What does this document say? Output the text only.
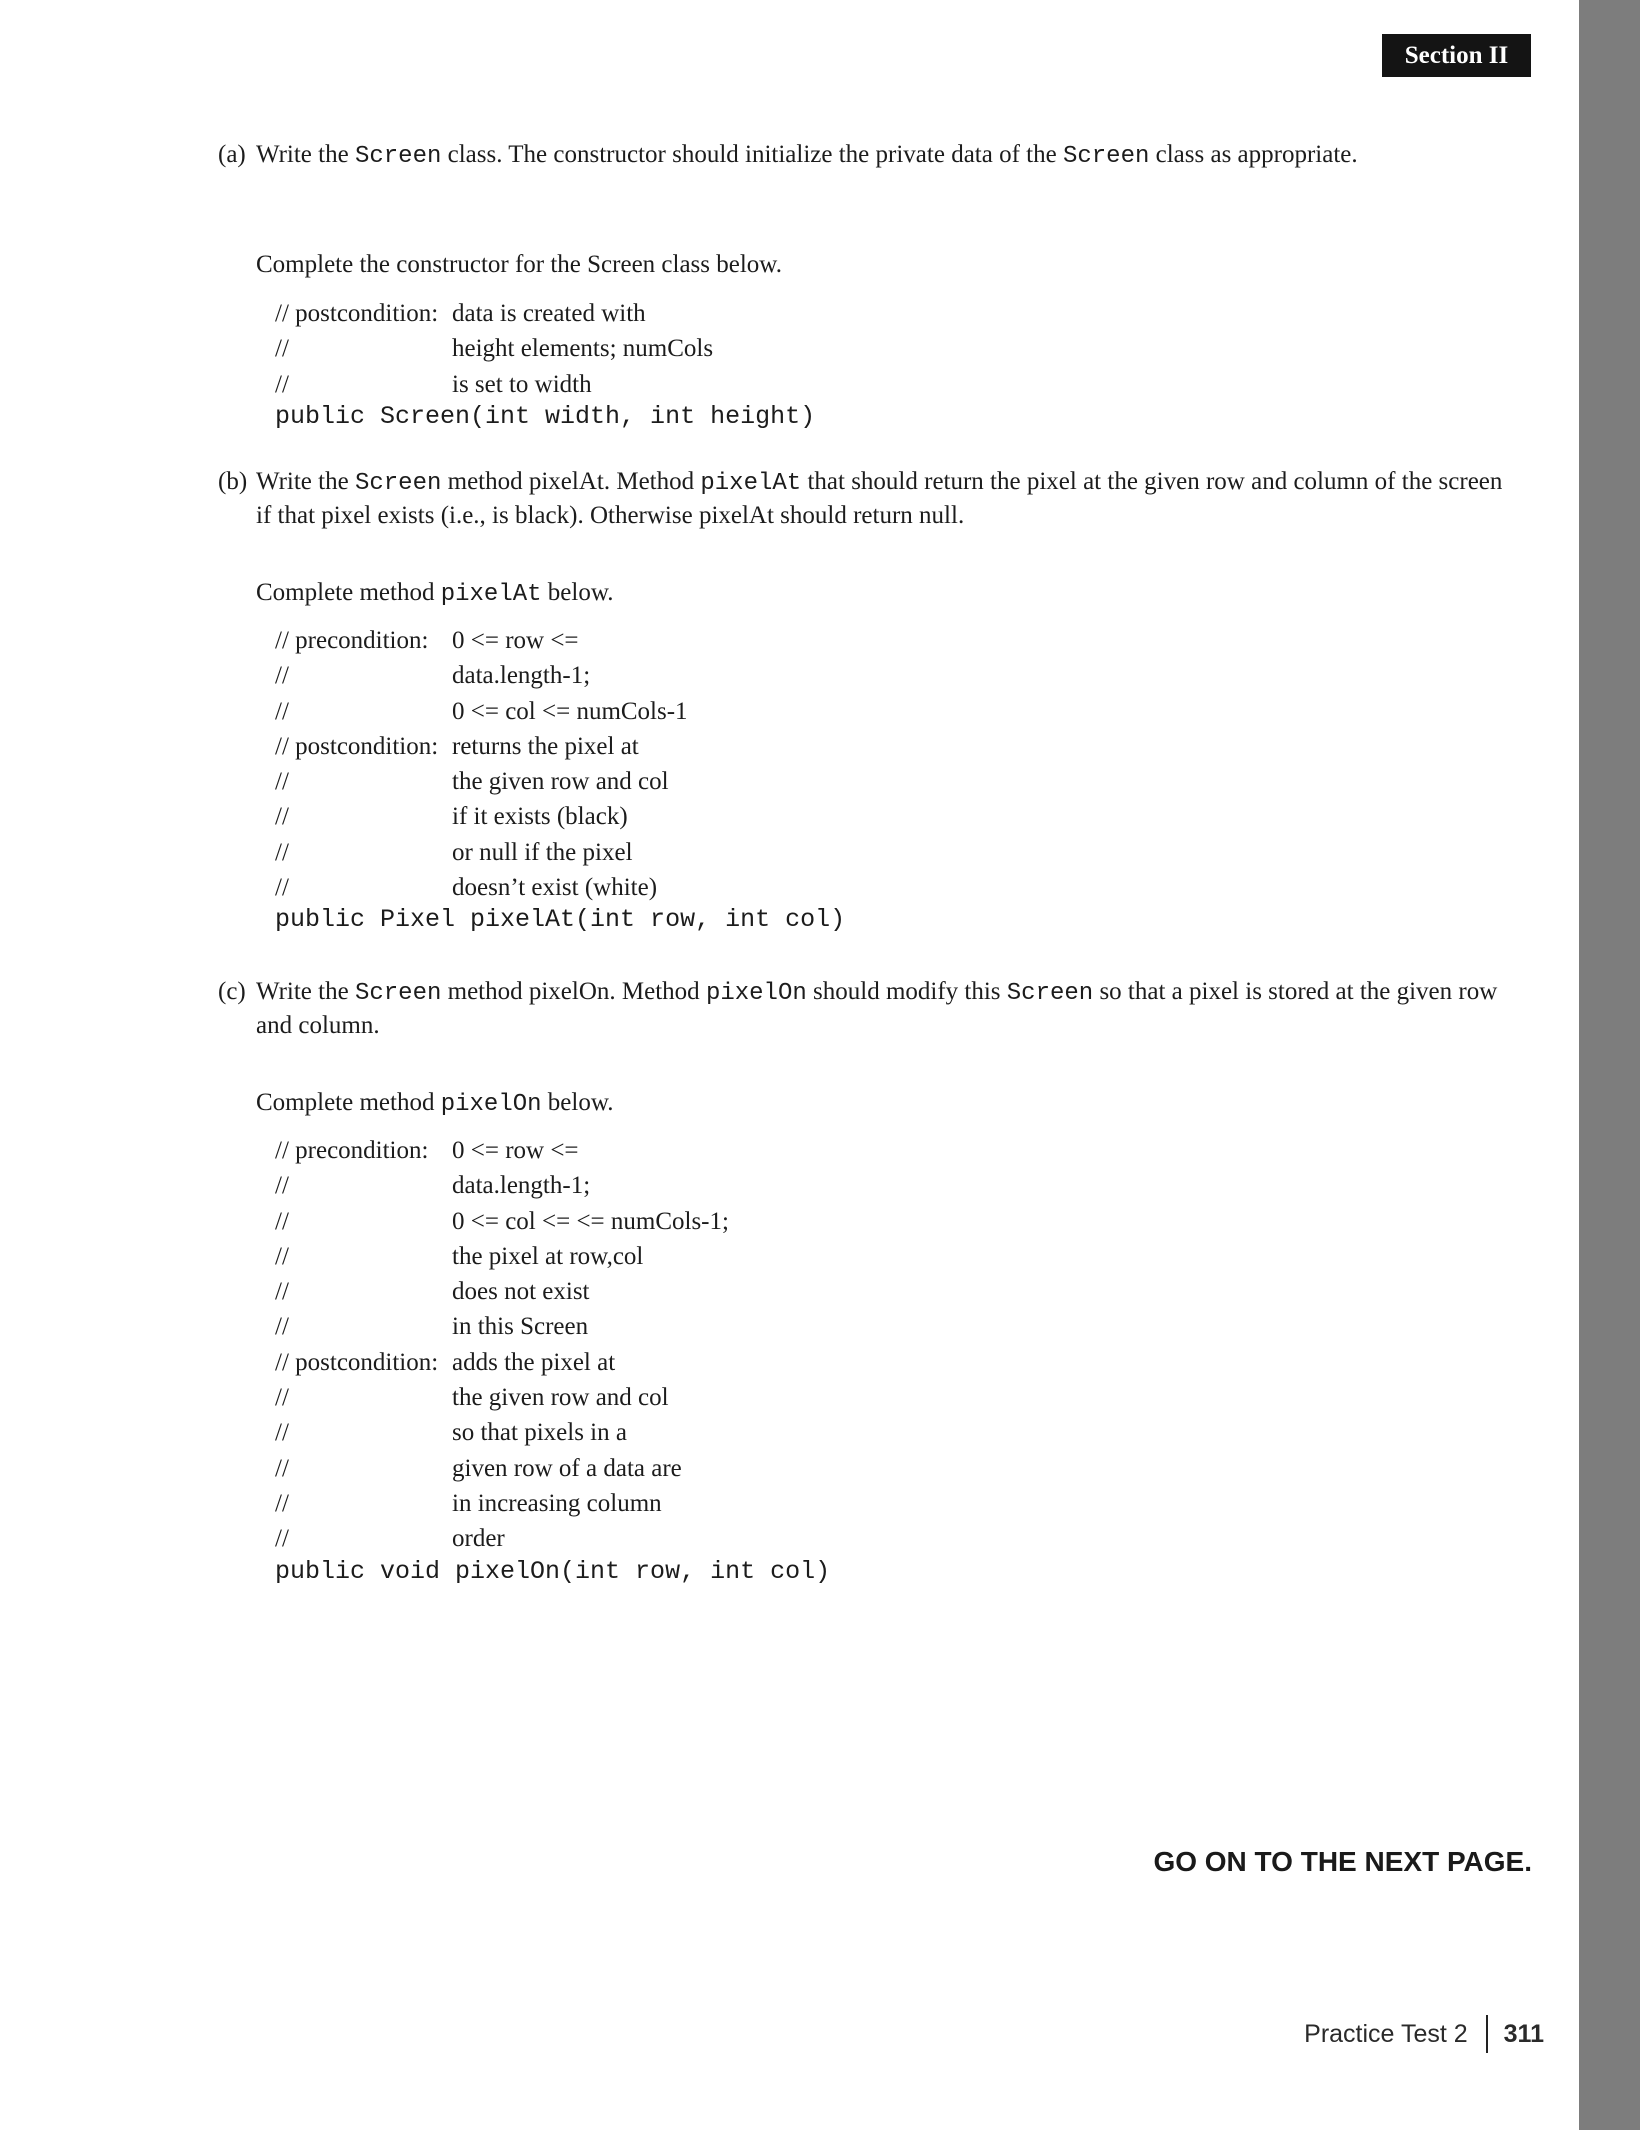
Section II

(a) Write the Screen class. The constructor should initialize the private data of the Screen class as appropriate.

Complete the constructor for the Screen class below.

// postcondition: data is created with
//	height elements; numCols
//	is set to width
public Screen(int width, int height)

(b) Write the Screen method pixelAt. Method pixelAt that should return the pixel at the given row and column of the screen if that pixel exists (i.e., is black). Otherwise pixelAt should return null.

Complete method pixelAt below.

// precondition: 0 <= row <=
//	data.length-1;
//	0 <= col <= numCols-1
// postcondition: returns the pixel at
//	the given row and col
//	if it exists (black)
//	or null if the pixel
//	doesn’t exist (white)
public Pixel pixelAt(int row, int col)

(c) Write the Screen method pixelOn. Method pixelOn should modify this Screen so that a pixel is stored at the given row and column.

Complete method pixelOn below.

// precondition: 0 <= row <=
//	data.length-1;
//	0 <= col <= <= numCols-1;
//	the pixel at row,col
//	does not exist
//	in this Screen
// postcondition: adds the pixel at
//	the given row and col
//	so that pixels in a
//	given row of a data are
//	in increasing column
//	order
public void pixelOn(int row, int col)
GO ON TO THE NEXT PAGE.
Practice Test 2 311
